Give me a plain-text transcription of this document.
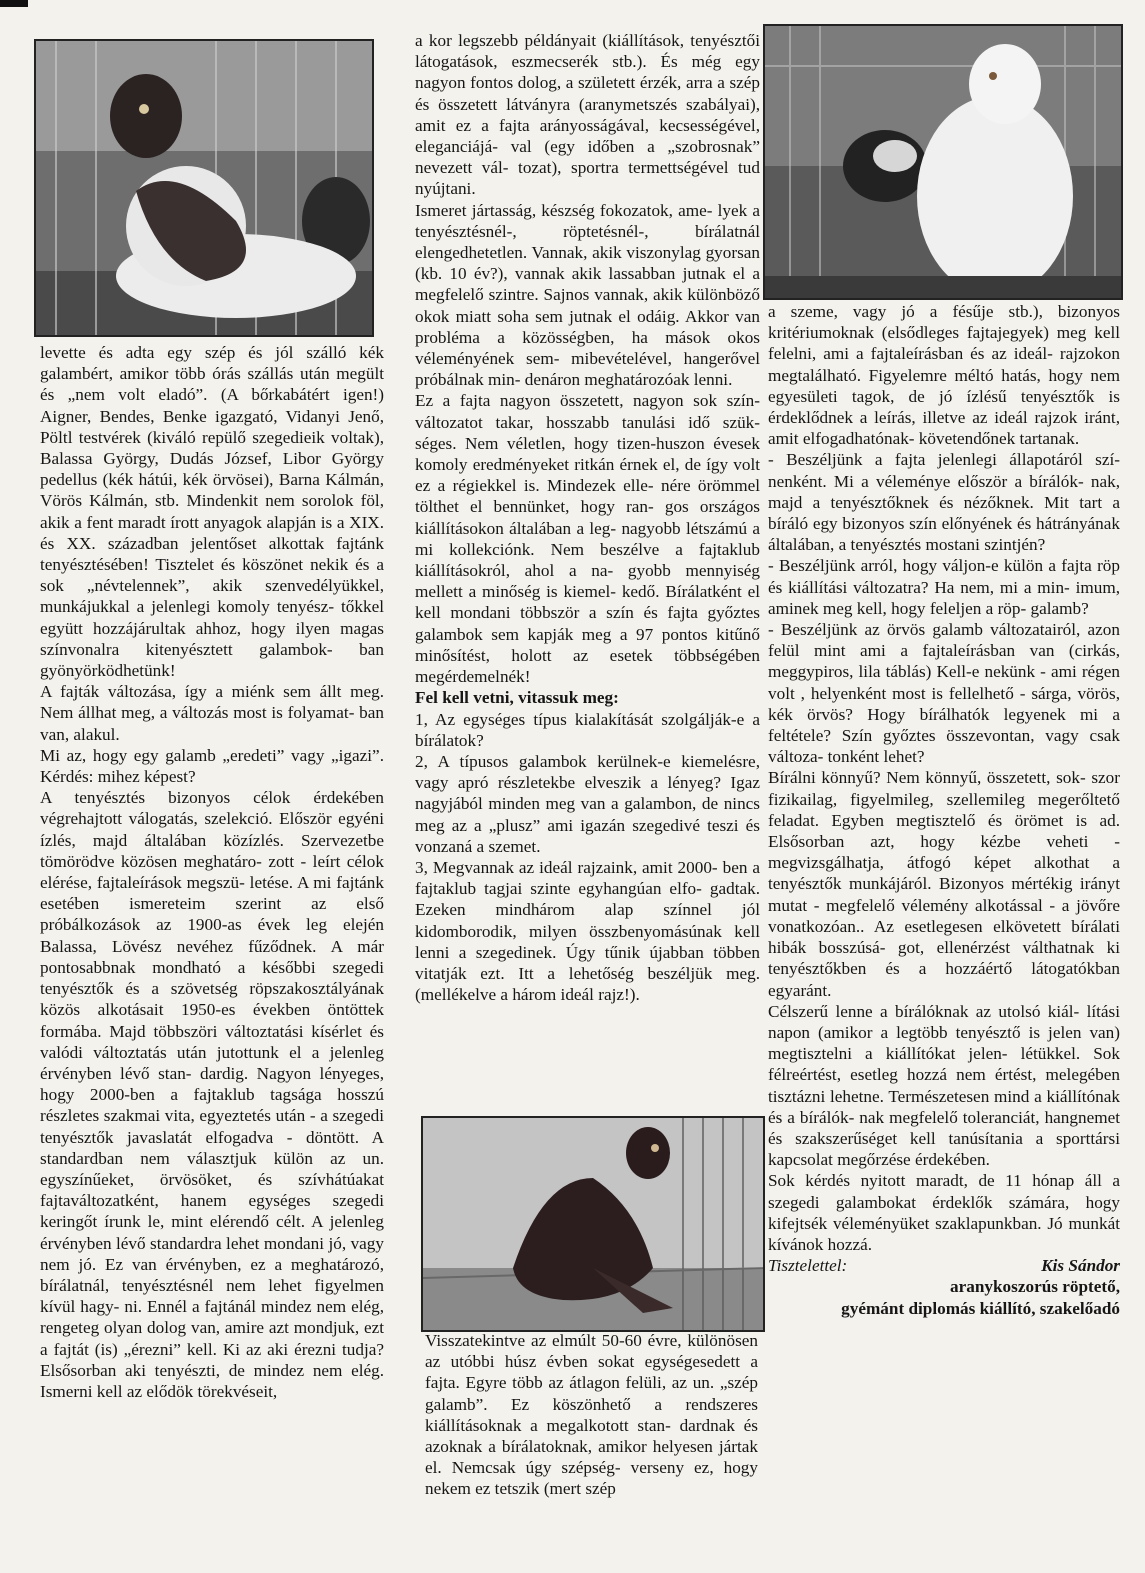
levette és adta egy szép és jól szálló kék galambért, amikor több órás szállás után megült és „nem volt eladó”. (A bőrkabátért igen!) Aigner, Bendes, Benke igazgató, Vidanyi Jenő, Pöltl testvérek (kiváló repülő szegedieik voltak), Balassa György, Dudás József, Libor György pedellus (kék hátúi, kék örvösei), Barna Kálmán, Vörös Kálmán, stb. Mindenkit nem sorolok föl, akik a fent maradt írott anyagok alapján is a XIX. és XX. században jelentőset alkottak fajtánk tenyésztésében! Tisztelet és köszönet nekik és a sok „névtelennek”, akik szenvedélyükkel, munkájukkal a jelenlegi komoly tenyész- tőkkel együtt hozzájárultak ahhoz, hogy ilyen magas színvonalra kitenyésztett galambok- ban gyönyörködhetünk!

A fajták változása, így a miénk sem állt meg. Nem állhat meg, a változás most is folyamat- ban van, alakul.

Mi az, hogy egy galamb „eredeti” vagy „igazi”. Kérdés: mihez képest?

A tenyésztés bizonyos célok érdekében végrehajtott válogatás, szelekció. Először egyéni ízlés, majd általában közízlés. Szervezetbe tömörödve közösen meghatáro- zott - leírt célok elérése, fajtaleírások megszü- letése. A mi fajtánk esetében ismereteim szerint az első próbálkozások az 1900-as évek leg elején Balassa, Lövész nevéhez fűződnek. A már pontosabbnak mondható a későbbi szegedi tenyésztők és a szövetség röpszakosztályának közös alkotásait 1950-es években öntöttek formába. Majd többszöri változtatási kísérlet és valódi változtatás után jutottunk el a jelenleg érvényben lévő stan- dardig. Nagyon lényeges, hogy 2000-ben a fajtaklub tagsága hosszú részletes szakmai vita, egyeztetés után - a szegedi tenyésztők javaslatát elfogadva - döntött. A standardban nem választjuk külön az un. egyszínűeket, örvösöket, és szívhátúakat fajtaváltozatként, hanem egységes szegedi keringőt írunk le, mint elérendő célt. A jelenleg érvényben lévő standardra lehet mondani jó, vagy nem jó. Ez van érvényben, ez a meghatározó, bírálatnál, tenyésztésnél nem lehet figyelmen kívül hagy- ni. Ennél a fajtánál mindez nem elég, rengeteg olyan dolog van, amire azt mondjuk, ezt a fajtát (is) „érezni” kell. Ki az aki érezni tudja? Elsősorban aki tenyészti, de mindez nem elég. Ismerni kell az elődök törekvéseit,

a kor legszebb példányait (kiállítások, tenyésztői látogatások, eszmecserék stb.). És még egy nagyon fontos dolog, a született érzék, arra a szép és összetett látványra (aranymetszés szabályai), amit ez a fajta arányosságával, kecsességével, eleganciájá- val (egy időben a „szobrosnak” nevezett vál- tozat), sportra termettségével tud nyújtani.

Ismeret jártasság, készség fokozatok, ame- lyek a tenyésztésnél-, röptetésnél-, bírálatnál elengedhetetlen. Vannak, akik viszonylag gyorsan (kb. 10 év?), vannak akik lassabban jutnak el a megfelelő szintre. Sajnos vannak, akik különböző okok miatt soha sem jutnak el odáig. Akkor van probléma a közösségben, ha mások okos véleményének sem- mibevételével, hangerővel próbálnak min- denáron meghatározóak lenni.

Ez a fajta nagyon összetett, nagyon sok szín- változatot takar, hosszabb tanulási idő szük- séges. Nem véletlen, hogy tizen-huszon évesek komoly eredményeket ritkán érnek el, de így volt ez a régiekkel is. Mindezek elle- nére örömmel tölthet el bennünket, hogy ran- gos országos kiállításokon általában a leg- nagyobb létszámú a mi kollekciónk. Nem beszélve a fajtaklub kiállításokról, ahol a na- gyobb mennyiség mellett a minőség is kiemel- kedő. Bírálatként el kell mondani többször a szín és fajta győztes galambok sem kapják meg a 97 pontos kitűnő minősítést, holott az esetek többségében megérdemelnék!

Fel kell vetni, vitassuk meg:

1, Az egységes típus kialakítását szolgálják-e a bírálatok?

2, A típusos galambok kerülnek-e kiemelésre, vagy apró részletekbe elveszik a lényeg? Igaz nagyjából minden meg van a galambon, de nincs meg az a „plusz” ami igazán szegedivé teszi és vonzaná a szemet.

3, Megvannak az ideál rajzaink, amit 2000- ben a fajtaklub tagjai szinte egyhangúan elfo- gadtak. Ezeken mindhárom alap színnel jól kidomborodik, milyen összbenyomásúnak kell lenni a szegedinek. Úgy tűnik újabban többen vitatják ezt. Itt a lehetőség beszéljük meg. (mellékelve a három ideál rajz!).

Visszatekintve az elmúlt 50-60 évre, különösen az utóbbi húsz évben sokat egységesedett a fajta. Egyre több az átlagon felüli, az un. „szép galamb”. Ez köszönhető a rendszeres kiállításoknak a megalkotott stan- dardnak és azoknak a bírálatoknak, amikor helyesen jártak el. Nemcsak úgy szépség- verseny ez, hogy nekem ez tetszik (mert szép

a szeme, vagy jó a fésűje stb.), bizonyos kritériumoknak (elsődleges fajtajegyek) meg kell felelni, ami a fajtaleírásban és az ideál- rajzokon megtalálható. Figyelemre méltó hatás, hogy nem egyesületi tagok, de jó ízlésű tenyésztők is érdeklődnek a leírás, illetve az ideál rajzok iránt, amit elfogadhatónak- követendőnek tartanak.

- Beszéljünk a fajta jelenlegi állapotáról szí- nenként. Mi a véleménye először a bírálók- nak, majd a tenyésztőknek és nézőknek. Mit tart a bíráló egy bizonyos szín előnyének és hátrányának általában, a tenyésztés mostani szintjén?

- Beszéljünk arról, hogy váljon-e külön a fajta röp és kiállítási változatra? Ha nem, mi a min- imum, aminek meg kell, hogy feleljen a röp- galamb?

- Beszéljünk az örvös galamb változatairól, azon felül mint ami a fajtaleírásban van (cirkás, meggypiros, lila táblás) Kell-e nekünk - ami régen volt , helyenként most is fellelhető - sárga, vörös, kék örvös? Hogy bírálhatók legyenek mi a feltétele? Szín győztes összevontan, vagy csak változa- tonként lehet?

Bírálni könnyű? Nem könnyű, összetett, sok- szor fizikailag, figyelmileg, szellemileg megerőltető feladat. Egyben megtisztelő és örömet is ad. Elsősorban azt, hogy kézbe veheti - megvizsgálhatja, átfogó képet alkothat a tenyésztők munkájáról. Bizonyos mértékig irányt mutat - megfelelő vélemény alkotással - a jövőre vonatkozóan.. Az esetlegesen elkövetett bírálati hibák bosszúsá- got, ellenérzést válthatnak ki tenyésztőkben és a hozzáértő látogatókban egyaránt.

Célszerű lenne a bírálóknak az utolsó kiál- lítási napon (amikor a legtöbb tenyésztő is jelen van) megtisztelni a kiállítókat jelen- létükkel. Sok félreértést, esetleg hozzá nem értést, melegében tisztázni lehetne. Természetesen mind a kiállítónak és a bírálók- nak megfelelő toleranciát, hangnemet és szakszerűséget kell tanúsítania a sporttársi kapcsolat megőrzése érdekében.

Sok kérdés nyitott maradt, de 11 hónap áll a szegedi galambokat érdeklők számára, hogy kifejtsék véleményüket szaklapunkban. Jó munkát kívánok hozzá.

Tisztelettel:	Kis Sándor

aranykoszorús röptető,

gyémánt diplomás kiállító, szakelőadó
